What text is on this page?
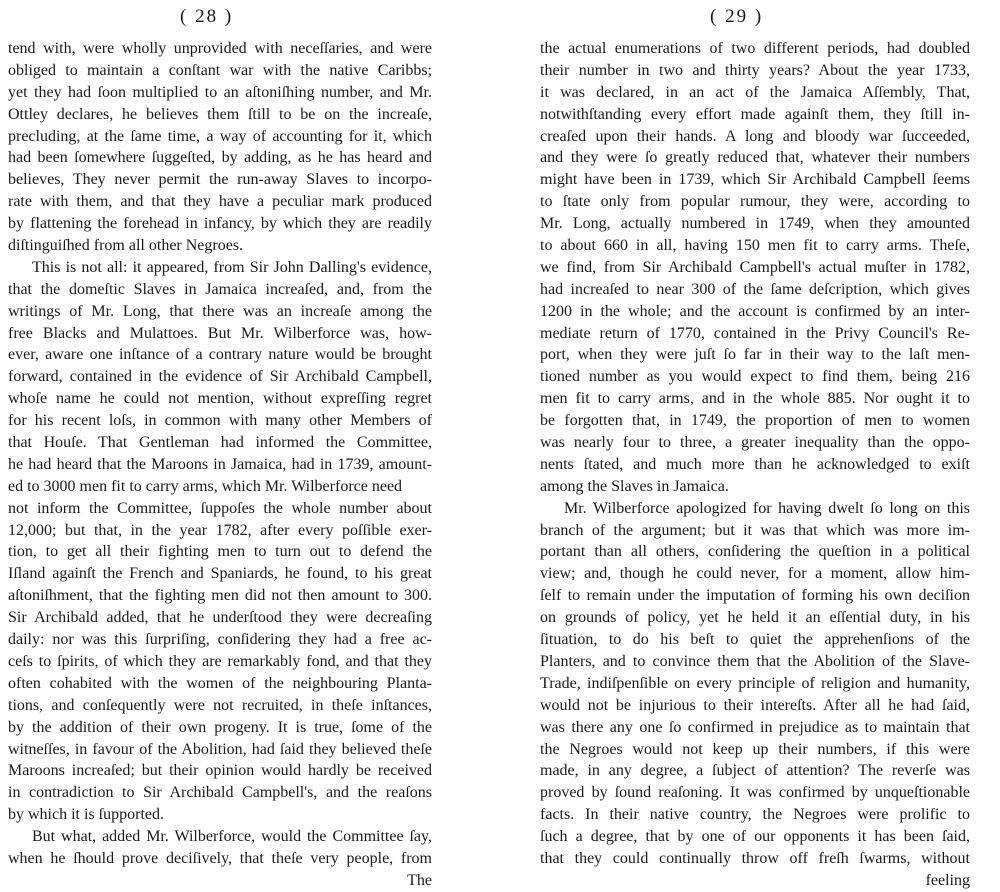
( 28 )
tend with, were wholly unprovided with neceſſaries, and were
obliged to maintain a conſtant war with the native Caribbs;
yet they had ſoon multiplied to an aſtoniſhing number, and Mr.
Ottley declares, he believes them ſtill to be on the increaſe,
precluding, at the ſame time, a way of accounting for it, which
had been ſomewhere ſuggeſted, by adding, as he has heard and
believes, They never permit the run-away Slaves to incorpo-
rate with them, and that they have a peculiar mark produced
by flattening the forehead in infancy, by which they are readily
diſtinguiſhed from all other Negroes.
This is not all: it appeared, from Sir John Dalling's evidence,
that the domeſtic Slaves in Jamaica increaſed, and, from the
writings of Mr. Long, that there was an increaſe among the
free Blacks and Mulattoes. But Mr. Wilberforce was, how-
ever, aware one inſtance of a contrary nature would be brought
forward, contained in the evidence of Sir Archibald Campbell,
whoſe name he could not mention, without expreſſing regret
for his recent loſs, in common with many other Members of
that Houſe. That Gentleman had informed the Committee,
he had heard that the Maroons in Jamaica, had in 1739, amount-
ed to 3000 men fit to carry arms, which Mr. Wilberforce need
not inform the Committee, ſuppoſes the whole number about
12,000; but that, in the year 1782, after every poſſible exer-
tion, to get all their fighting men to turn out to defend the
Iſland againſt the French and Spaniards, he found, to his great
aſtoniſhment, that the fighting men did not then amount to 300.
Sir Archibald added, that he underſtood they were decreaſing
daily: nor was this ſurpriſing, conſidering they had a free ac-
ceſs to ſpirits, of which they are remarkably fond, and that they
often cohabited with the women of the neighbouring Planta-
tions, and conſequently were not recruited, in theſe inſtances,
by the addition of their own progeny. It is true, ſome of the
witneſſes, in favour of the Abolition, had ſaid they believed theſe
Maroons increaſed; but their opinion would hardly be received
in contradiction to Sir Archibald Campbell's, and the reaſons
by which it is ſupported.
But what, added Mr. Wilberforce, would the Committee ſay,
when he ſhould prove deciſively, that theſe very people, from
The
( 29 )
the actual enumerations of two different periods, had doubled
their number in two and thirty years? About the year 1733,
it was declared, in an act of the Jamaica Aſſembly, That,
notwithſtanding every effort made againſt them, they ſtill in-
creaſed upon their hands. A long and bloody war ſucceeded,
and they were ſo greatly reduced that, whatever their numbers
might have been in 1739, which Sir Archibald Campbell ſeems
to ſtate only from popular rumour, they were, according to
Mr. Long, actually numbered in 1749, when they amounted
to about 660 in all, having 150 men fit to carry arms. Theſe,
we find, from Sir Archibald Campbell's actual muſter in 1782,
had increaſed to near 300 of the ſame deſcription, which gives
1200 in the whole; and the account is confirmed by an inter-
mediate return of 1770, contained in the Privy Council's Re-
port, when they were juſt ſo far in their way to the laſt men-
tioned number as you would expect to find them, being 216
men fit to carry arms, and in the whole 885. Nor ought it to
be forgotten that, in 1749, the proportion of men to women
was nearly four to three, a greater inequality than the oppo-
nents ſtated, and much more than he acknowledged to exiſt
among the Slaves in Jamaica.
Mr. Wilberforce apologized for having dwelt ſo long on this
branch of the argument; but it was that which was more im-
portant than all others, conſidering the queſtion in a political
view; and, though he could never, for a moment, allow him-
ſelf to remain under the imputation of forming his own deciſion
on grounds of policy, yet he held it an eſſential duty, in his
ſituation, to do his beſt to quiet the apprehenſions of the
Planters, and to convince them that the Abolition of the Slave-
Trade, indiſpenſible on every principle of religion and humanity,
would not be injurious to their intereſts. After all he had ſaid,
was there any one ſo confirmed in prejudice as to maintain that
the Negroes would not keep up their numbers, if this were
made, in any degree, a ſubject of attention? The reverſe was
proved by ſound reaſoning. It was confirmed by unqueſtionable
facts. In their native country, the Negroes were prolific to
ſuch a degree, that by one of our opponents it has been ſaid,
that they could continually throw off freſh ſwarms, without
feeling
